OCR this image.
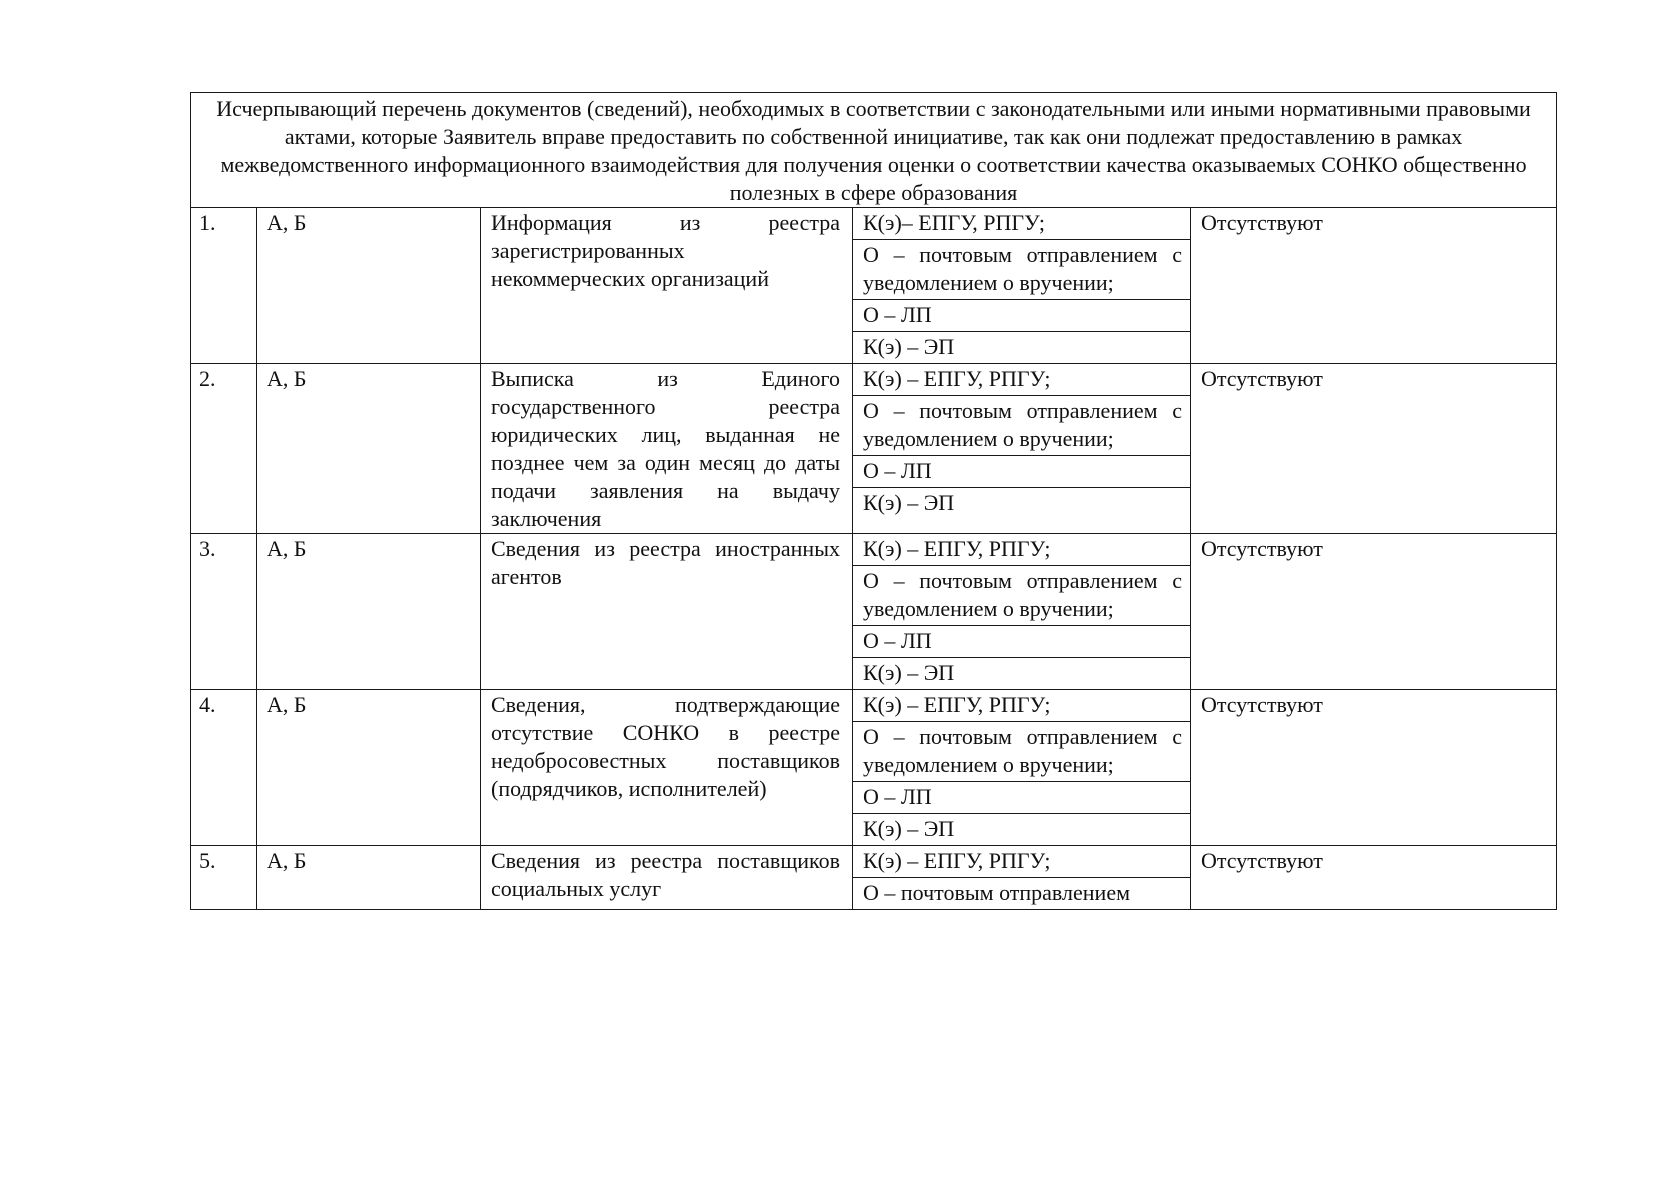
Исчерпывающий перечень документов (сведений), необходимых в соответствии с законодательными или иными нормативными правовыми актами, которые Заявитель вправе предоставить по собственной инициативе, так как они подлежат предоставлению в рамках межведомственного информационного взаимодействия для получения оценки о соответствии качества оказываемых СОНКО общественно полезных в сфере образования				
1.	А, Б	Информация из реестра зарегистрированных некоммерческих организаций	К(э)– ЕПГУ, РПГУ;
О – почтовым отправлением с уведомлением о вручении;
О – ЛП
К(э) – ЭП	Отсутствуют
2.	А, Б	Выписка из Единого государственного реестра юридических лиц, выданная не позднее чем за один месяц до даты подачи заявления на выдачу заключения	К(э) – ЕПГУ, РПГУ;
О – почтовым отправлением с уведомлением о вручении;
О – ЛП
К(э) – ЭП	Отсутствуют
3.	А, Б	Сведения из реестра иностранных агентов	К(э) – ЕПГУ, РПГУ;
О – почтовым отправлением с уведомлением о вручении;
О – ЛП
К(э) – ЭП	Отсутствуют
4.	А, Б	Сведения, подтверждающие отсутствие СОНКО в реестре недобросовестных поставщиков (подрядчиков, исполнителей)	К(э) – ЕПГУ, РПГУ;
О – почтовым отправлением с уведомлением о вручении;
О – ЛП
К(э) – ЭП	Отсутствуют
5.	А, Б	Сведения из реестра поставщиков социальных услуг	К(э) – ЕПГУ, РПГУ;
О – почтовым отправлением	Отсутствуют
